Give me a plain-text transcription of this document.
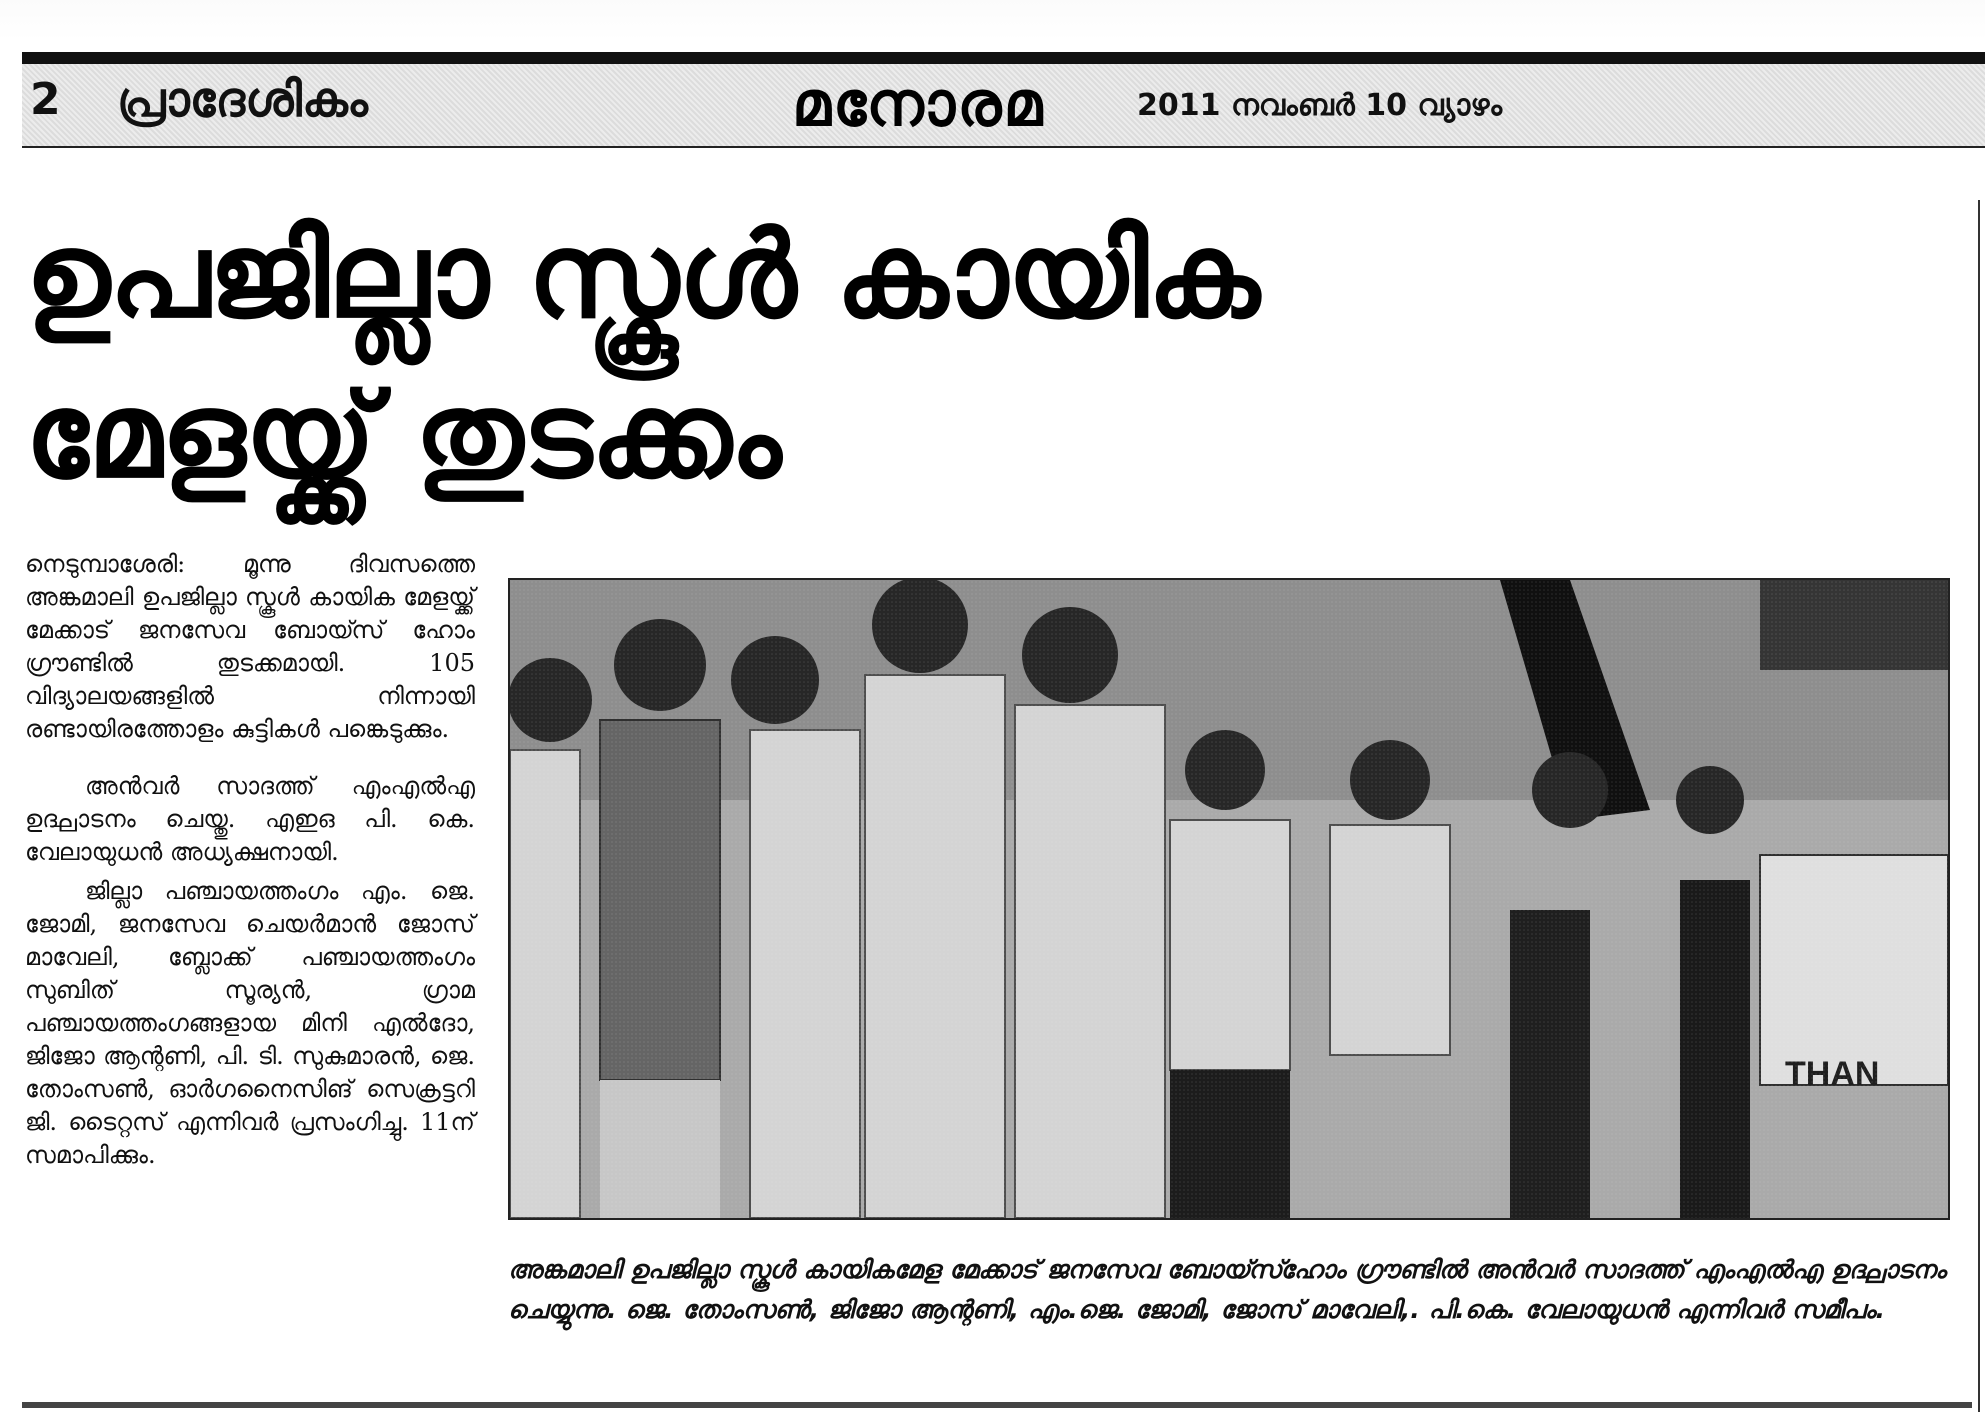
2 പ്രാദേശികം	മനോരമ	2011 നവംബർ 10 വ്യാഴം
ഉപജില്ലാ സ്കൂൾ കായിക
മേളയ്ക്ക് തുടക്കം

നെടുമ്പാശേരി: മൂന്നു ദിവസത്തെ അങ്കമാലി ഉപജില്ലാ സ്കൂൾ കായിക മേളയ്ക്ക് മേക്കാട് ജനസേവ ബോയ്സ് ഹോം ഗ്രൗണ്ടിൽ തുടക്കമായി. 105 വിദ്യാലയങ്ങളിൽ നിന്നായി രണ്ടായിരത്തോളം കുട്ടികൾ പങ്കെടുക്കും.

അൻവർ സാദത്ത് എംഎൽഎ ഉദ്ഘാടനം ചെയ്തു. എഇഒ പി. കെ. വേലായുധൻ അധ്യക്ഷനായി.

ജില്ലാ പഞ്ചായത്തംഗം എം. ജെ. ജോമി, ജനസേവ ചെയർമാൻ ജോസ് മാവേലി, ബ്ലോക്ക് പഞ്ചായത്തംഗം സുബിത് സൂര്യൻ, ഗ്രാമ പഞ്ചായത്തംഗങ്ങളായ മിനി എൽദോ, ജിജോ ആന്റണി, പി. ടി. സുകുമാരൻ, ജെ. തോംസൺ, ഓർഗനൈസിങ് സെക്രട്ടറി ജി. ടൈറ്റസ് എന്നിവർ പ്രസംഗിച്ചു. 11ന് സമാപിക്കും.

അങ്കമാലി ഉപജില്ലാ സ്കൂൾ കായികമേള മേക്കാട് ജനസേവ ബോയ്സ്ഹോം ഗ്രൗണ്ടിൽ അൻവർ സാദത്ത് എംഎൽഎ ഉദ്ഘാടനം ചെയ്യുന്നു. ജെ. തോംസൺ, ജിജോ ആന്റണി, എം.ജെ. ജോമി, ജോസ് മാവേലി,. പി.കെ. വേലായുധൻ എന്നിവർ സമീപം.
